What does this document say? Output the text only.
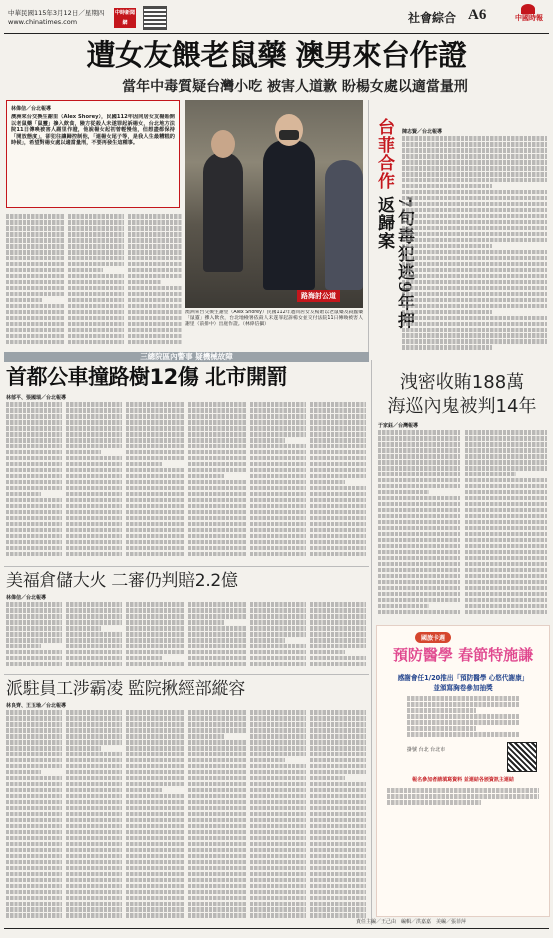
中華民國115年3月12日／星期四
www.chinatimes.com
中時新聞網	社會綜合 A6	中國時報
遭女友餵老鼠藥 澳男來台作證
當年中毒質疑台灣小吃 被害人道歉 盼楊女處以適當量刑
林偉信／台北報導
澳洲來台交換生謝里（Alex Shorey），民國112年因同居女友楊貽開以老鼠藥「鼠靈」摻入飲食，險方從殺人未遂罪起訴楊女，台北地方法院11日傳喚被害人謝里作證，他說楊女起初曾輕慢他，但想盡都保持「開放態度」，卻犯往讓歸控制他，「連楊女尾子等，是我人生最糟糕的時候」，希望對楊女處以適當量刑，不要再發生這種事。
路海討公道
澳洲來台交換生謝里（Alex Shorey）民國112年遭同居女友楊貽以老鼠藥及殺蟲藥「鼠靈」摻入飲食，台北地檢署依殺人未遂罪起訴楊女並交付法院11日傳喚被害人謝里（前排中）出庭作證。（林偉信攝）
台菲合作
返歸案
陳志賢／台北報導
三總院區內警事 疑機械故障
首都公車撞路樹12傷 北市開罰
林郁平、張國瑞／台北報導
洩密收賄188萬
海巡內鬼被判14年
于家鈺／台灣報導
美福倉儲大火 二審仍判賠2.2億
林偉信／台北報導
派駐員工涉霸凌 監院揪經部縱容
林良齊、王玉瑜／台北報導
國旅卡週
預防醫學 春節特施謙
感謝會任1/20推出「預防醫學 心悠代謝康」
並頒寫胸卷參加抽獎
掛號 台北 台北市
報名參加者請填寫資料 並連結各頒資訊主連結
責任主編／王己由　編輯／洪嘉嘉　美編／張菲萍
